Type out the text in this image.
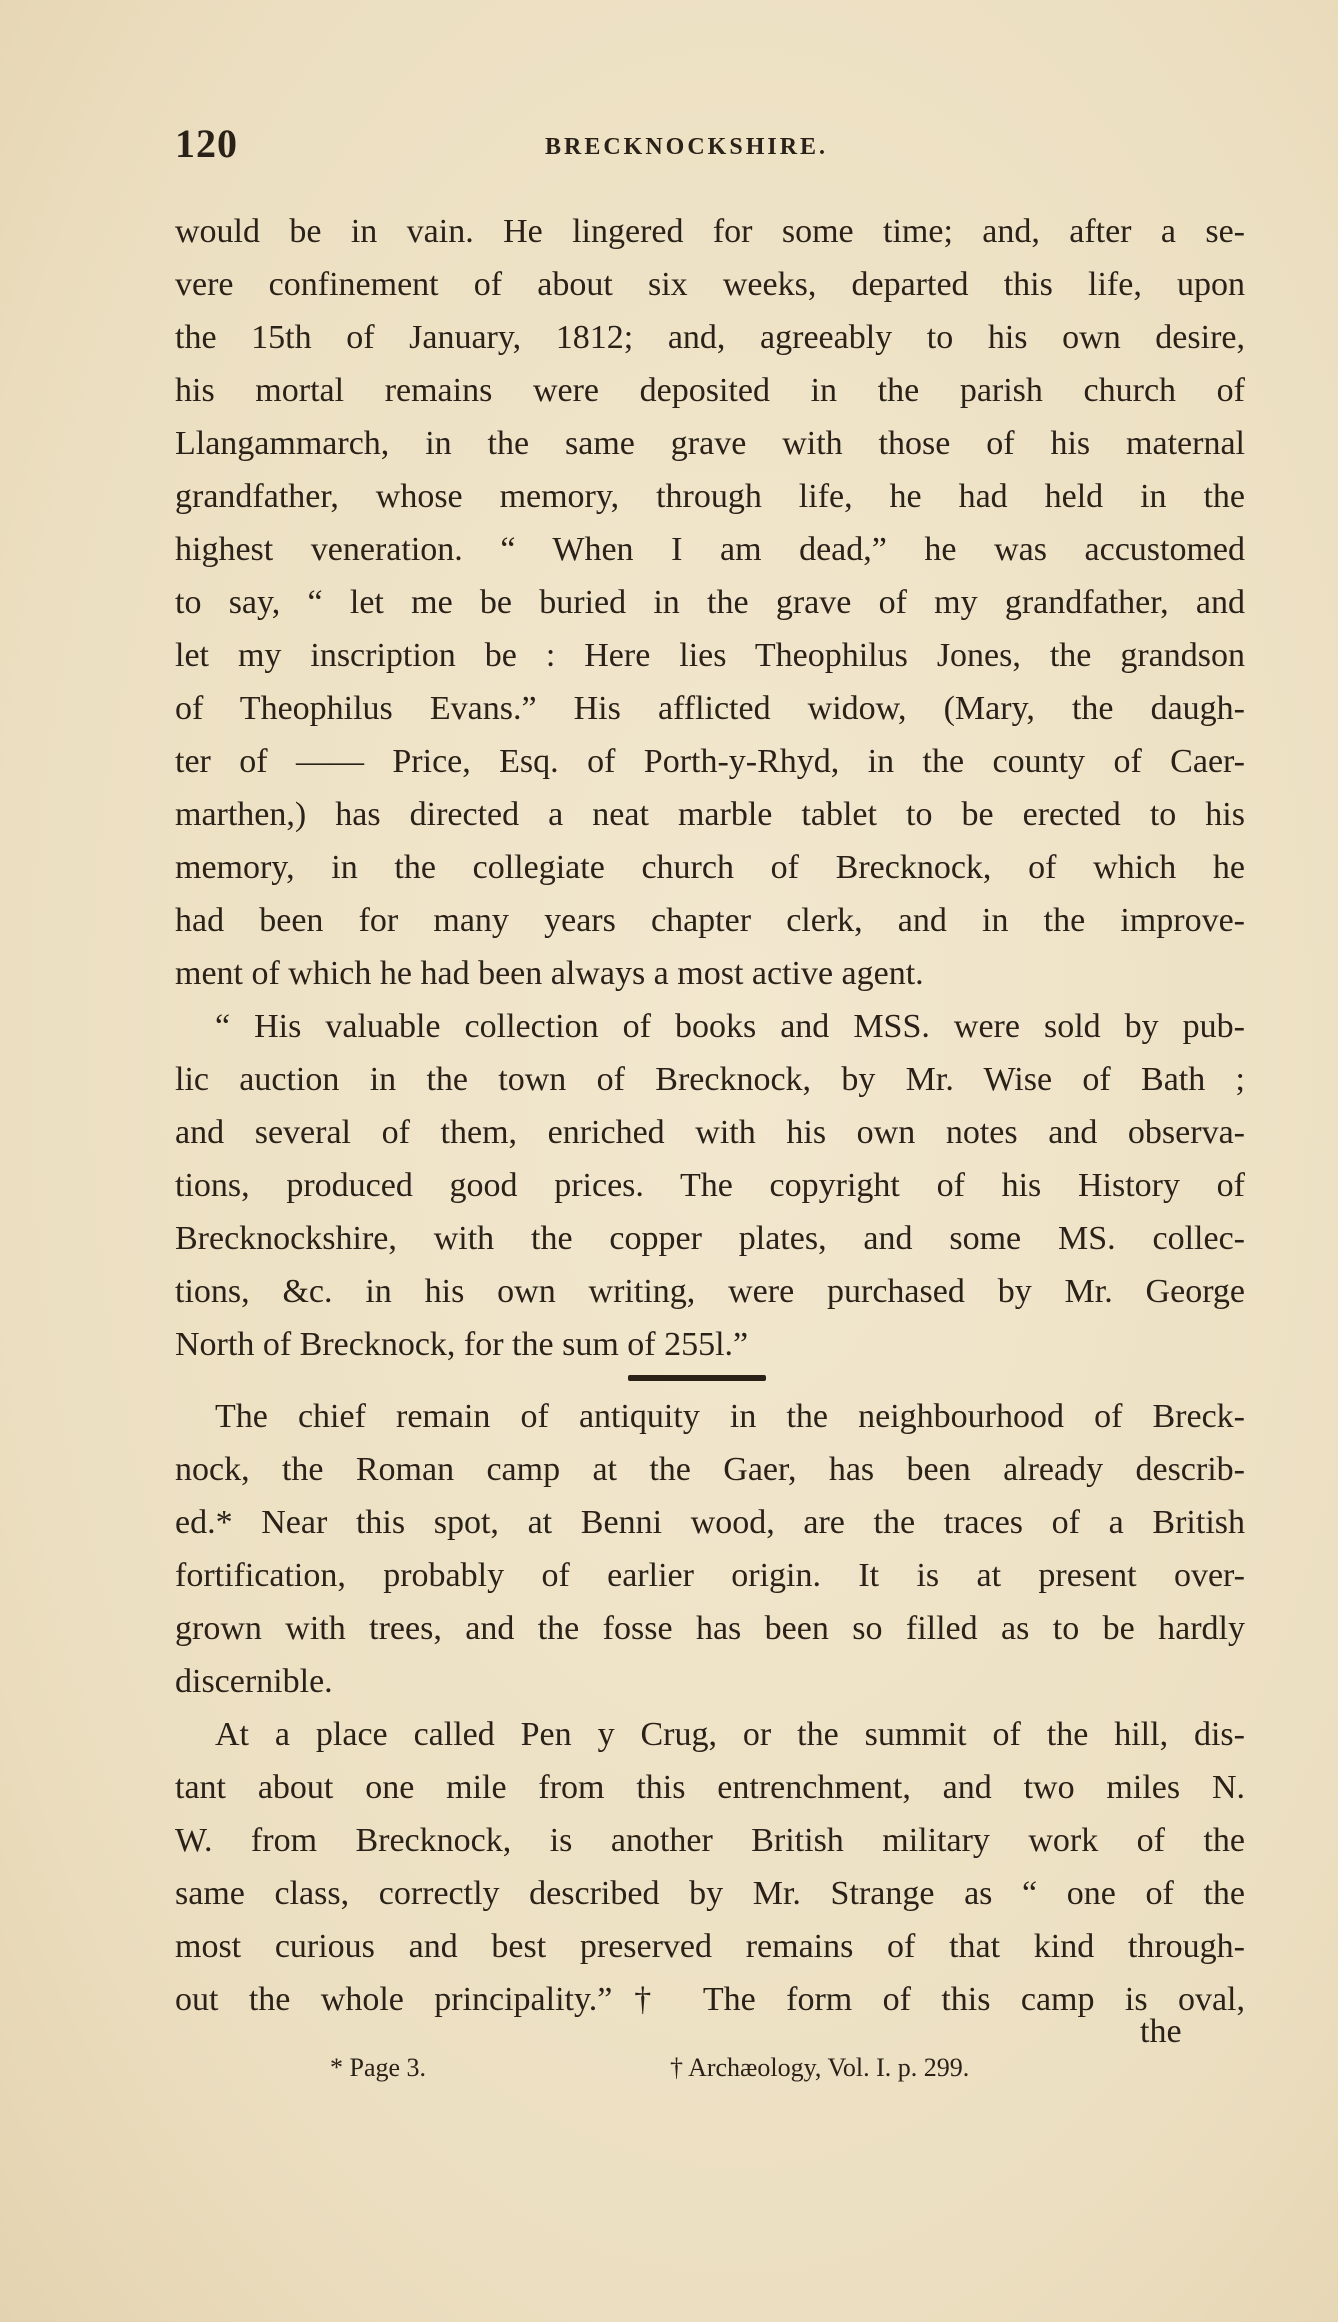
120	BRECKNOCKSHIRE.
would be in vain. He lingered for some time; and, after a se-
vere confinement of about six weeks, departed this life, upon
the 15th of January, 1812; and, agreeably to his own desire,
his mortal remains were deposited in the parish church of
Llangammarch, in the same grave with those of his maternal
grandfather, whose memory, through life, he had held in the
highest veneration. “ When I am dead,” he was accustomed
to say, “ let me be buried in the grave of my grandfather, and
let my inscription be : Here lies Theophilus Jones, the grandson
of Theophilus Evans.” His afflicted widow, (Mary, the daugh-
ter of —— Price, Esq. of Porth-y-Rhyd, in the county of Caer-
marthen,) has directed a neat marble tablet to be erected to his
memory, in the collegiate church of Brecknock, of which he
had been for many years chapter clerk, and in the improve-
ment of which he had been always a most active agent.
“ His valuable collection of books and MSS. were sold by pub-
lic auction in the town of Brecknock, by Mr. Wise of Bath ;
and several of them, enriched with his own notes and observa-
tions, produced good prices. The copyright of his History of
Brecknockshire, with the copper plates, and some MS. collec-
tions, &c. in his own writing, were purchased by Mr. George
North of Brecknock, for the sum of 255l.”
The chief remain of antiquity in the neighbourhood of Breck-
nock, the Roman camp at the Gaer, has been already describ-
ed.* Near this spot, at Benni wood, are the traces of a British
fortification, probably of earlier origin. It is at present over-
grown with trees, and the fosse has been so filled as to be hardly
discernible.
At a place called Pen y Crug, or the summit of the hill, dis-
tant about one mile from this entrenchment, and two miles N.
W. from Brecknock, is another British military work of the
same class, correctly described by Mr. Strange as “ one of the
most curious and best preserved remains of that kind through-
out the whole principality.”† The form of this camp is oval,
the
* Page 3.	† Archæology, Vol. I. p. 299.
